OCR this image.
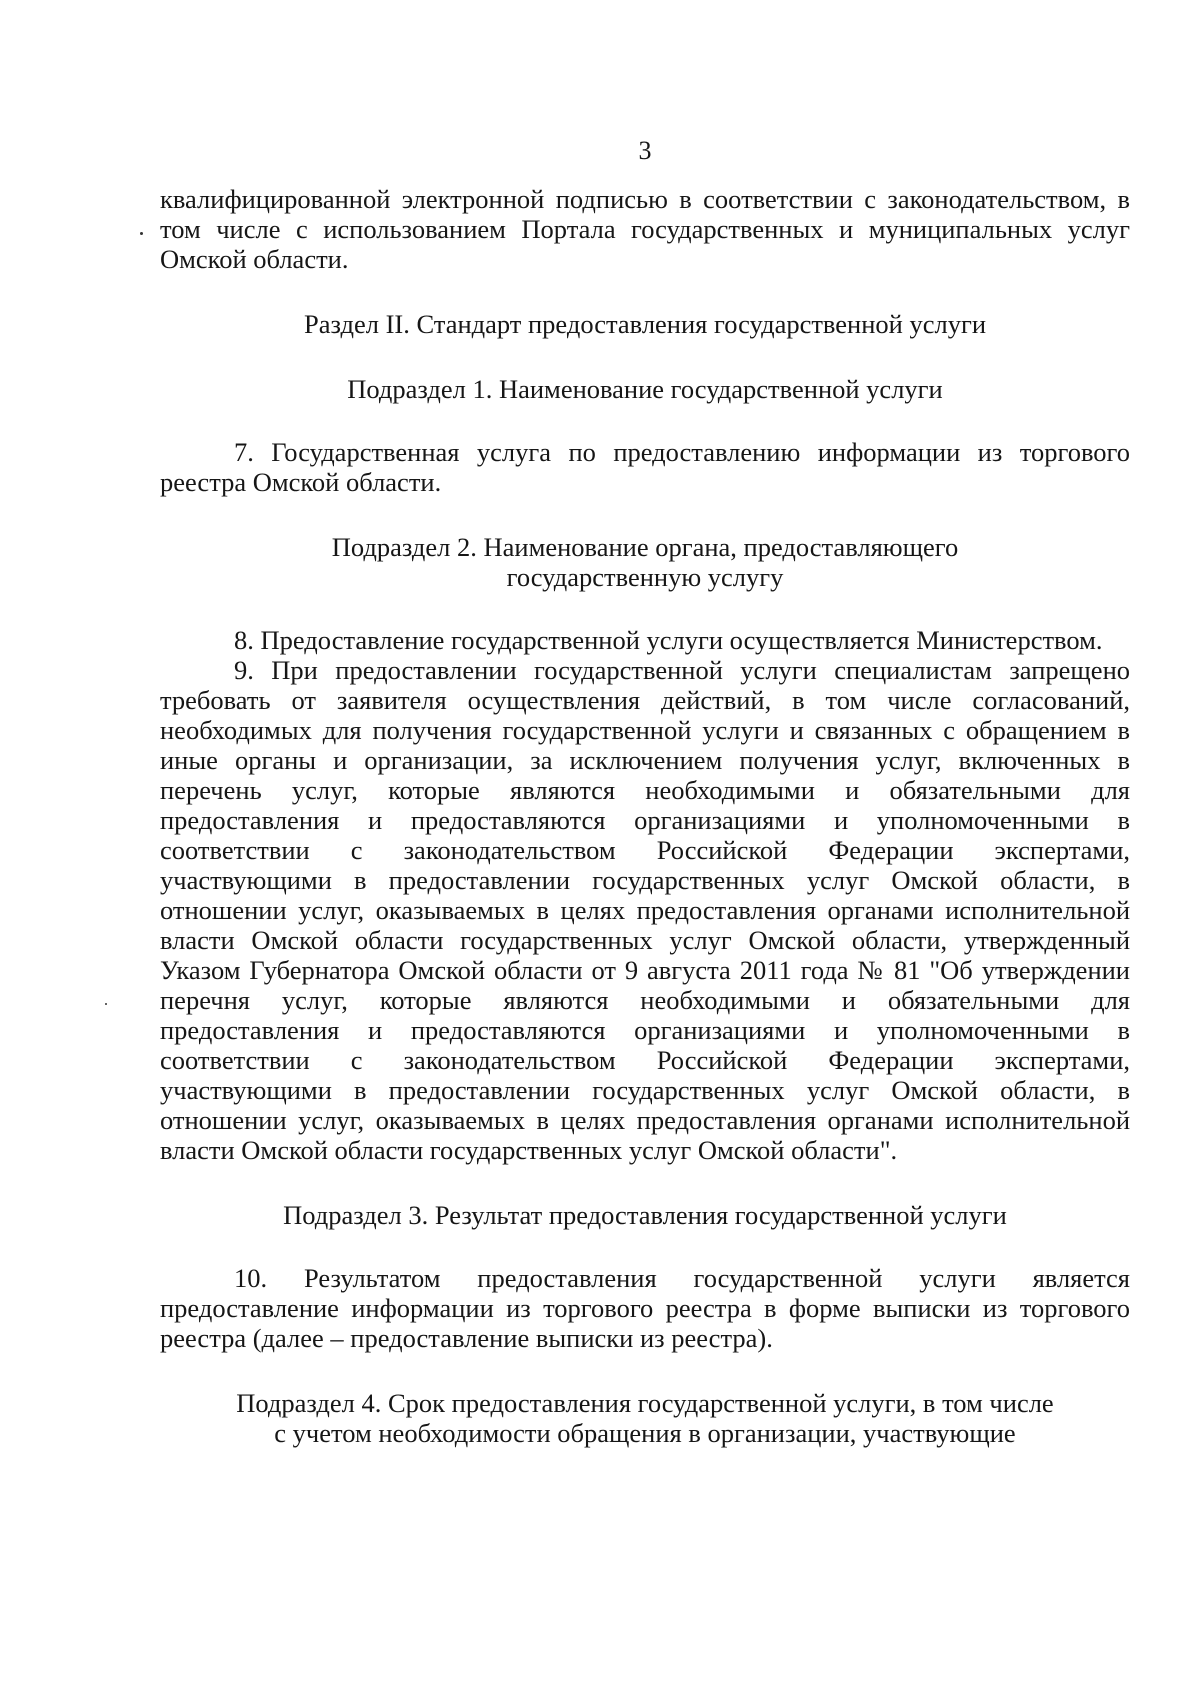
3

квалифицированной электронной подписью в соответствии с законодательством, в том числе с использованием Портала государственных и муниципальных услуг Омской области.

Раздел II. Стандарт предоставления государственной услуги

Подраздел 1. Наименование государственной услуги

7. Государственная услуга по предоставлению информации из торгового реестра Омской области.

Подраздел 2. Наименование органа, предоставляющего

государственную услугу

8. Предоставление государственной услуги осуществляется Министерством.

9. При предоставлении государственной услуги специалистам запрещено требовать от заявителя осуществления действий, в том числе согласований, необходимых для получения государственной услуги и связанных с обращением в иные органы и организации, за исключением получения услуг, включенных в перечень услуг, которые являются необходимыми и обязательными для предоставления и предоставляются организациями и уполномоченными в соответствии с законодательством Российской Федерации экспертами, участвующими в предоставлении государственных услуг Омской области, в отношении услуг, оказываемых в целях предоставления органами исполнительной власти Омской области государственных услуг Омской области, утвержденный Указом Губернатора Омской области от 9 августа 2011 года № 81 "Об утверждении перечня услуг, которые являются необходимыми и обязательными для предоставления и предоставляются организациями и уполномоченными в соответствии с законодательством Российской Федерации экспертами, участвующими в предоставлении государственных услуг Омской области, в отношении услуг, оказываемых в целях предоставления органами исполнительной власти Омской области государственных услуг Омской области".

Подраздел 3. Результат предоставления государственной услуги

10. Результатом предоставления государственной услуги является предоставление информации из торгового реестра в форме выписки из торгового реестра (далее – предоставление выписки из реестра).

Подраздел 4. Срок предоставления государственной услуги, в том числе

с учетом необходимости обращения в организации, участвующие
